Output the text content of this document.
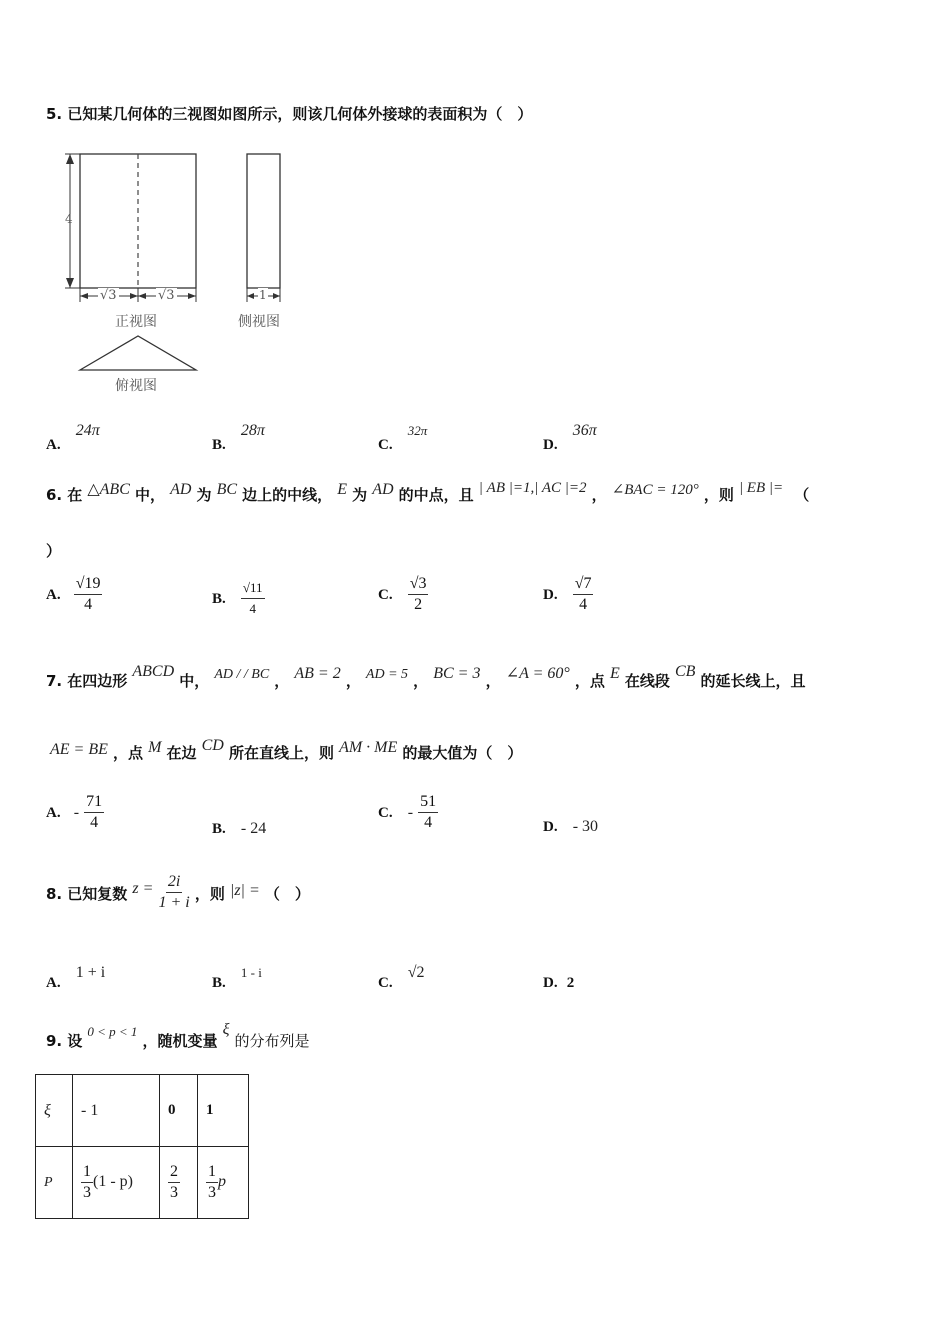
5. 已知某几何体的三视图如图所示，则该几何体外接球的表面积为（　）
4
√3	√3	1
正视图	侧视图
俯视图
A. 24π
B. 28π
C. 32π
D. 36π
6. 在 △ABC 中， AD 为 BC 边上的中线， E 为 AD 的中点，且 | AB |=1,| AC |=2 ， ∠BAC = 120° ，则 | EB |= （
）
A. $\frac{√19}{4}$	B. $\frac{√11}{4}$	C. $\frac{√3}{2}$	D. $\frac{√7}{4}$
7. 在四边形 ABCD 中， AD / / BC ， AB = 2 ， AD = 5 ， BC = 3 ， ∠A = 60° ，点 E 在线段 CB 的延长线上，且
AE = BE ，点 M 在边 CD 所在直线上，则 AM · ME 的最大值为（　）
A. - $\frac{71}{4}$	B. - 24
C. - $\frac{51}{4}$	D. - 30
8. 已知复数 $z = \frac{2i}{1 + i}$ ，则 |z| = （　）
A. 1 + i
B. 1 - i
C. √2
D. 2
9. 设 $^{0 < p < 1}$ ，随机变量 ξ 的分布列是
ξ	- 1	0	1
P	$\frac{1}{3} (1 - p)$	$\frac{2}{3}$	$\frac{1}{3}$ p
